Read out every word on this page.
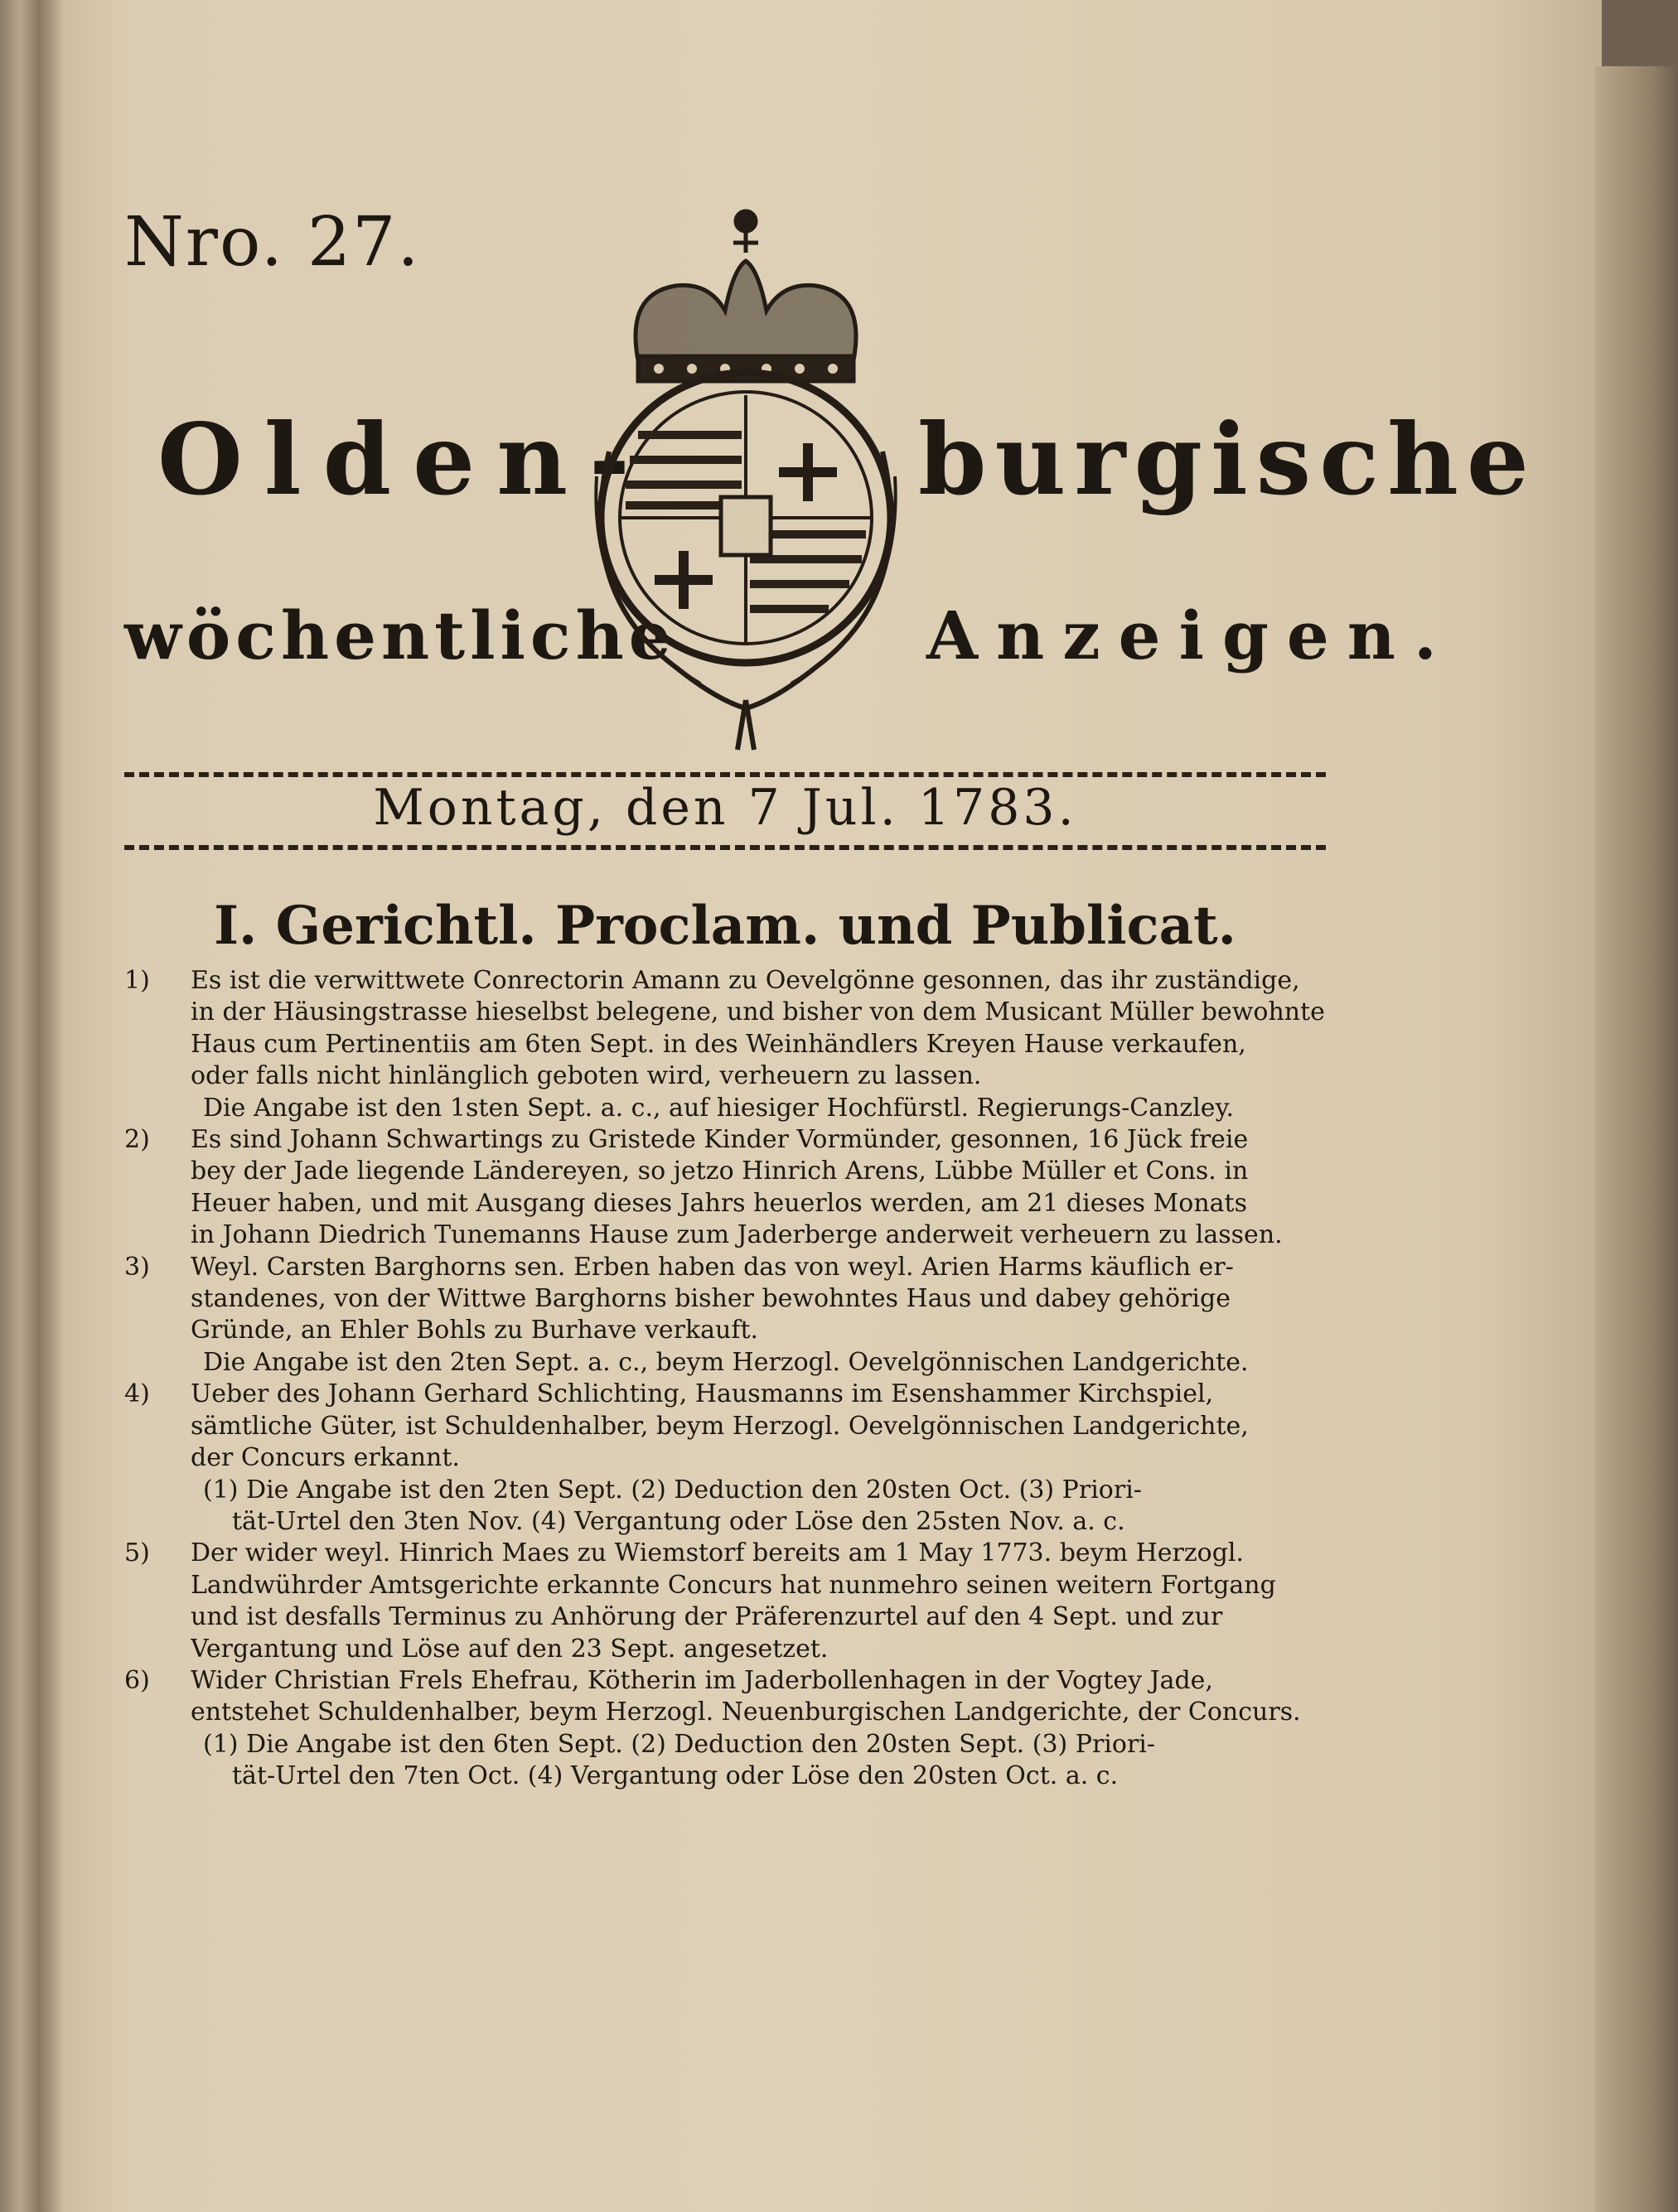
Nro. 27.
Olden-	burgische
wöchentliche	Anzeigen.
Montag, den 7 Jul. 1783.
I. Gerichtl. Proclam. und Publicat.
1)	Es ist die verwittwete Conrectorin Amann zu Oevelgönne gesonnen, das ihr zuständige,
in der Häusingstrasse hieselbst belegene, und bisher von dem Musicant Müller bewohnte
Haus cum Pertinentiis am 6ten Sept. in des Weinhändlers Kreyen Hause verkaufen,
oder falls nicht hinlänglich geboten wird, verheuern zu lassen.
Die Angabe ist den 1sten Sept. a. c., auf hiesiger Hochfürstl. Regierungs-Canzley.
2)	Es sind Johann Schwartings zu Gristede Kinder Vormünder, gesonnen, 16 Jück freie
bey der Jade liegende Ländereyen, so jetzo Hinrich Arens, Lübbe Müller et Cons. in
Heuer haben, und mit Ausgang dieses Jahrs heuerlos werden, am 21 dieses Monats
in Johann Diedrich Tunemanns Hause zum Jaderberge anderweit verheuern zu lassen.
3)	Weyl. Carsten Barghorns sen. Erben haben das von weyl. Arien Harms käuflich er-
standenes, von der Wittwe Barghorns bisher bewohntes Haus und dabey gehörige
Gründe, an Ehler Bohls zu Burhave verkauft.
Die Angabe ist den 2ten Sept. a. c., beym Herzogl. Oevelgönnischen Landgerichte.
4)	Ueber des Johann Gerhard Schlichting, Hausmanns im Esenshammer Kirchspiel,
sämtliche Güter, ist Schuldenhalber, beym Herzogl. Oevelgönnischen Landgerichte,
der Concurs erkannt.
(1) Die Angabe ist den 2ten Sept. (2) Deduction den 20sten Oct. (3) Priori-
tät-Urtel den 3ten Nov. (4) Vergantung oder Löse den 25sten Nov. a. c.
5)	Der wider weyl. Hinrich Maes zu Wiemstorf bereits am 1 May 1773. beym Herzogl.
Landwührder Amtsgerichte erkannte Concurs hat nunmehro seinen weitern Fortgang
und ist desfalls Terminus zu Anhörung der Präferenzurtel auf den 4 Sept. und zur
Vergantung und Löse auf den 23 Sept. angesetzet.
6)	Wider Christian Frels Ehefrau, Kötherin im Jaderbollenhagen in der Vogtey Jade,
entstehet Schuldenhalber, beym Herzogl. Neuenburgischen Landgerichte, der Concurs.
(1) Die Angabe ist den 6ten Sept. (2) Deduction den 20sten Sept. (3) Priori-
tät-Urtel den 7ten Oct. (4) Vergantung oder Löse den 20sten Oct. a. c.
